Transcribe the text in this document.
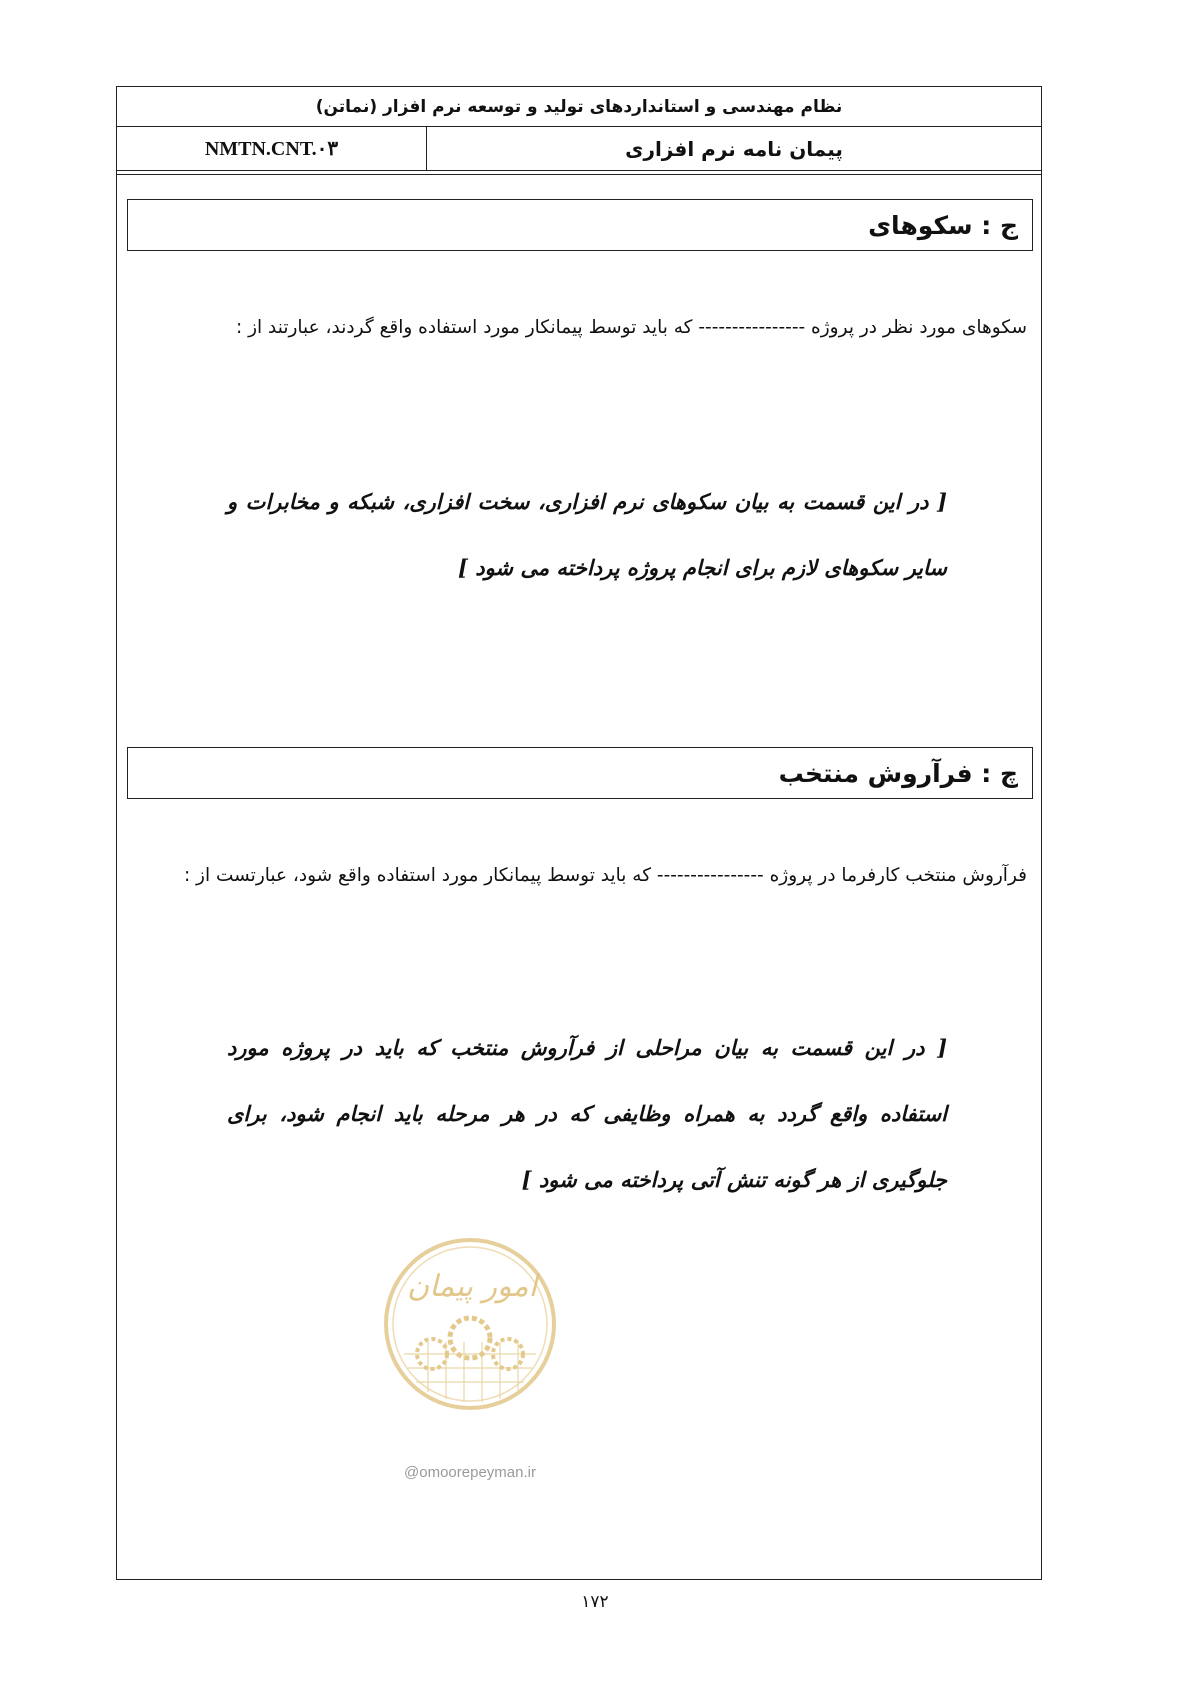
نظام مهندسی و استانداردهای تولید و توسعه نرم افزار (نماتن)
NMTN.CNT.۰۳	پیمان نامه نرم افزاری
ج : سکوهای
سکوهای مورد نظر در پروژه ---------------- که باید توسط پیمانکار مورد استفاده واقع گردند، عبارتند از :
[ در این قسمت به بیان سکوهای نرم افزاری، سخت افزاری، شبکه و مخابرات و سایر سکوهای لازم برای انجام پروژه پرداخته می شود ]
چ : فرآروش منتخب
فرآروش منتخب کارفرما در پروژه ---------------- که باید توسط پیمانکار مورد استفاده واقع شود، عبارتست از :
[ در این قسمت به بیان مراحلی از فرآروش منتخب که باید در پروژه مورد استفاده واقع گردد به همراه وظایفی که در هر مرحله باید انجام شود، برای جلوگیری از هر گونه تنش آتی پرداخته می شود ]
امور پیمان
@omoorepeyman.ir
۱۷۲
